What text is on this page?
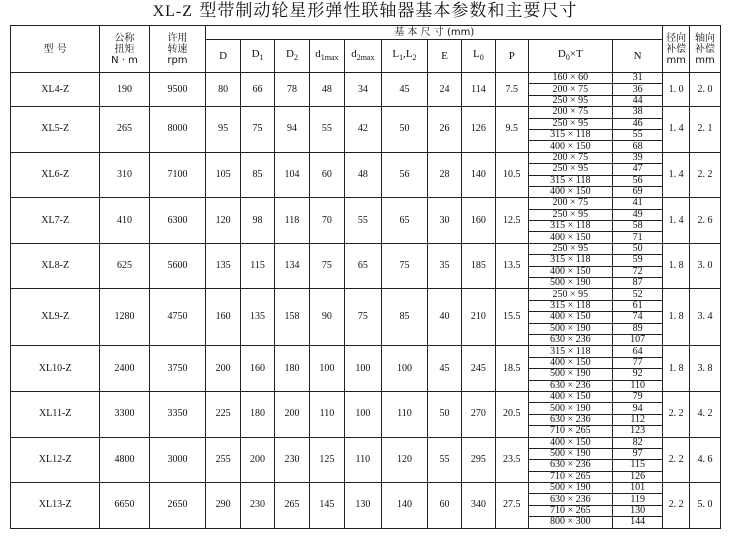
XL-Z 型带制动轮星形弹性联轴器基本参数和主要尺寸
型 号	公称
扭矩
N · m	许用
转速
rpm	基 本 尺 寸 (mm)											径向
补偿
mm	轴向
补偿
mm

			D	$D_1$	$D_2$	$d_{1max}$	$d_{2max}$	$L_1,L_2$	E	$L_0$	P	$D_0\times T$	N		
XL4-Z	190	9500	80	66	78	48	34	45	24	114	7.5	160 × 60	31	1. 0	2. 0
												200 × 75	36		
												250 × 95	44		
XL5-Z	265	8000	95	75	94	55	42	50	26	126	9.5	200 × 75	38	1. 4	2. 1
												250 × 95	46		
												315 × 118	55		
												400 × 150	68		
XL6-Z	310	7100	105	85	104	60	48	56	28	140	10.5	200 × 75	39	1. 4	2. 2
												250 × 95	47		
												315 × 118	56		
												400 × 150	69		
XL7-Z	410	6300	120	98	118	70	55	65	30	160	12.5	200 × 75	41	1. 4	2. 6
												250 × 95	49		
												315 × 118	58		
												400 × 150	71		
XL8-Z	625	5600	135	115	134	75	65	75	35	185	13.5	250 × 95	50	1. 8	3. 0
												315 × 118	59		
												400 × 150	72		
												500 × 190	87		
XL9-Z	1280	4750	160	135	158	90	75	85	40	210	15.5	250 × 95	52	1. 8	3. 4
												315 × 118	61		
												400 × 150	74		
												500 × 190	89		
												630 × 236	107		
XL10-Z	2400	3750	200	160	180	100	100	100	45	245	18.5	315 × 118	64	1. 8	3. 8
												400 × 150	77		
												500 × 190	92		
												630 × 236	110		
XL11-Z	3300	3350	225	180	200	110	100	110	50	270	20.5	400 × 150	79	2. 2	4. 2
												500 × 190	94		
												630 × 236	112		
												710 × 265	123		
XL12-Z	4800	3000	255	200	230	125	110	120	55	295	23.5	400 × 150	82	2. 2	4. 6
												500 × 190	97		
												630 × 236	115		
												710 × 265	126		
XL13-Z	6650	2650	290	230	265	145	130	140	60	340	27.5	500 × 190	101	2. 2	5. 0
												630 × 236	119		
												710 × 265	130		
												800 × 300	144		
